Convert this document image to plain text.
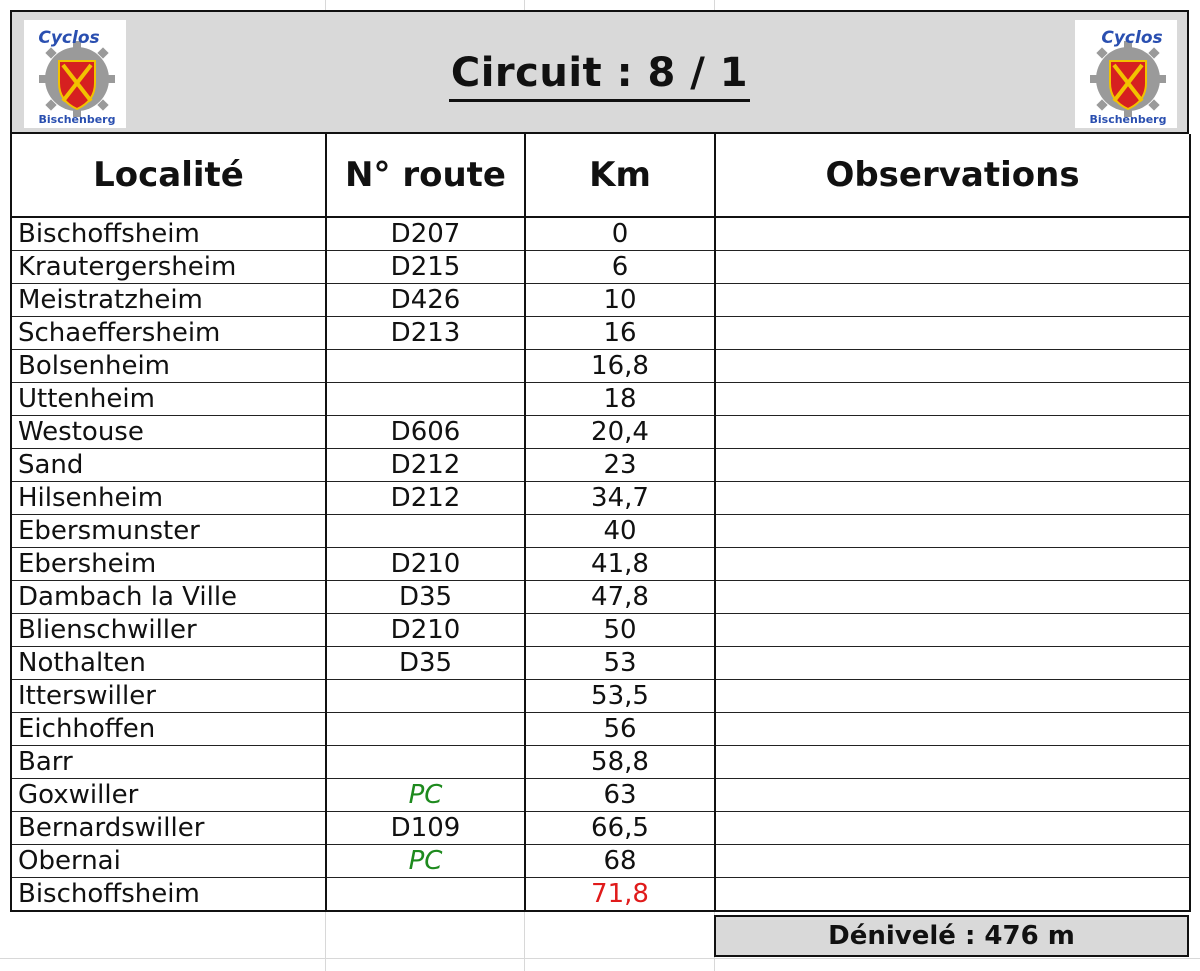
Cyclos
Bischenberg
Circuit : 8 / 1
Cyclos
Bischenberg
Localité	N° route	Km	Observations
Bischoffsheim	D207	0	
Krautergersheim	D215	6	
Meistratzheim	D426	10	
Schaeffersheim	D213	16	
Bolsenheim		16,8	
Uttenheim		18	
Westouse	D606	20,4	
Sand	D212	23	
Hilsenheim	D212	34,7	
Ebersmunster		40	
Ebersheim	D210	41,8	
Dambach la Ville	D35	47,8	
Blienschwiller	D210	50	
Nothalten	D35	53	
Itterswiller		53,5	
Eichhoffen		56	
Barr		58,8	
Goxwiller	PC	63	
Bernardswiller	D109	66,5	
Obernai	PC	68	
Bischoffsheim		71,8	
Dénivelé : 476 m
